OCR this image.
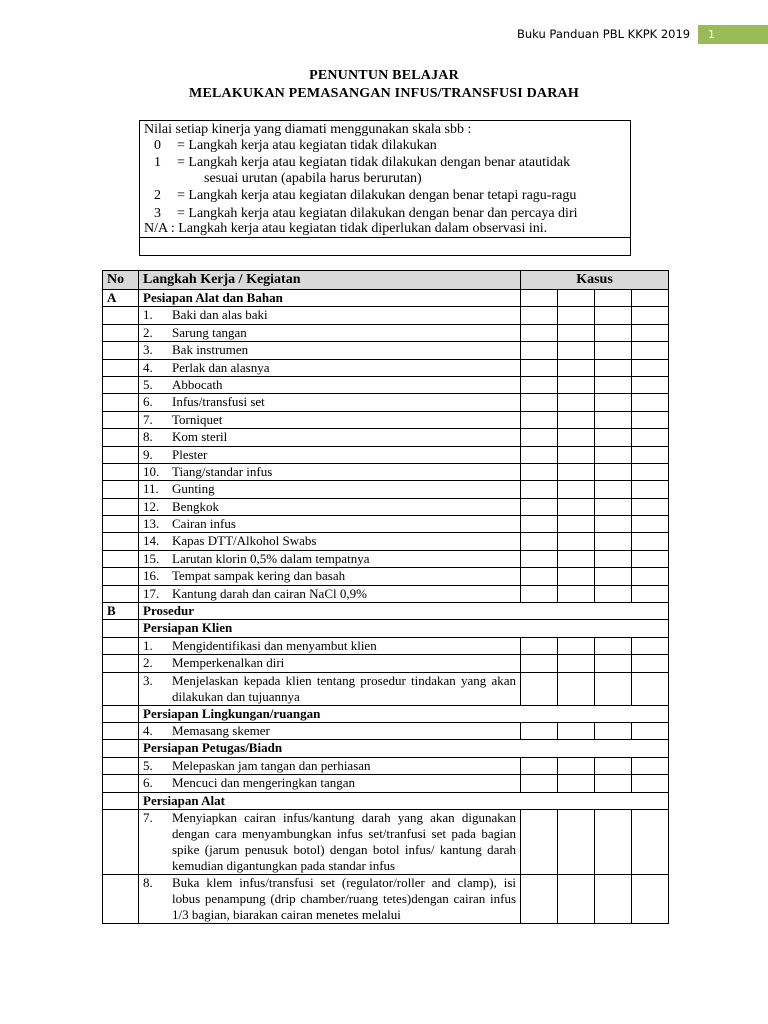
Buku Panduan PBL KKPK 2019	1
PENUNTUN BELAJAR
MELAKUKAN PEMASANGAN INFUS/TRANSFUSI DARAH
Nilai setiap kinerja yang diamati menggunakan skala sbb :
0 = Langkah kerja atau kegiatan tidak dilakukan
1 = Langkah kerja atau kegiatan tidak dilakukan dengan benar atautidak
sesuai urutan (apabila harus berurutan)
2 = Langkah kerja atau kegiatan dilakukan dengan benar tetapi ragu-ragu
3 = Langkah kerja atau kegiatan dilakukan dengan benar dan percaya diri
N/A : Langkah kerja atau kegiatan tidak diperlukan dalam observasi ini.
No	Langkah Kerja / Kegiatan	Kasus			
A	Pesiapan Alat dan Bahan				

	1. Baki dan alas baki				

	2. Sarung tangan				

	3. Bak instrumen				

	4. Perlak dan alasnya				

	5. Abbocath				

	6. Infus/transfusi set				

	7. Torniquet				

	8. Kom steril				

	9. Plester				

	10. Tiang/standar infus				

	11. Gunting				

	12. Bengkok				

	13. Cairan infus				

	14. Kapas DTT/Alkohol Swabs				

	15. Larutan klorin 0,5% dalam tempatnya				

	16. Tempat sampak kering dan basah				

	17. Kantung darah dan cairan NaCl 0,9%				

B	Prosedur				
	Persiapan Klien				

	1. Mengidentifikasi dan menyambut klien				

	2. Memperkenalkan diri				

	3. Menjelaskan kepada klien tentang prosedur tindakan yang akan dilakukan dan tujuannya				

	Persiapan Lingkungan/ruangan				

	4. Memasang skemer				

	Persiapan Petugas/Biadn				

	5. Melepaskan jam tangan dan perhiasan				

	6. Mencuci dan mengeringkan tangan				

	Persiapan Alat				

	7. Menyiapkan cairan infus/kantung darah yang akan digunakan dengan cara menyambungkan infus set/tranfusi set pada bagian spike (jarum penusuk botol) dengan botol infus/ kantung darah kemudian digantungkan pada standar infus				

	8. Buka klem infus/transfusi set (regulator/roller and clamp), isi lobus penampung (drip chamber/ruang tetes)dengan cairan infus 1/3 bagian, biarakan cairan menetes melalui				
